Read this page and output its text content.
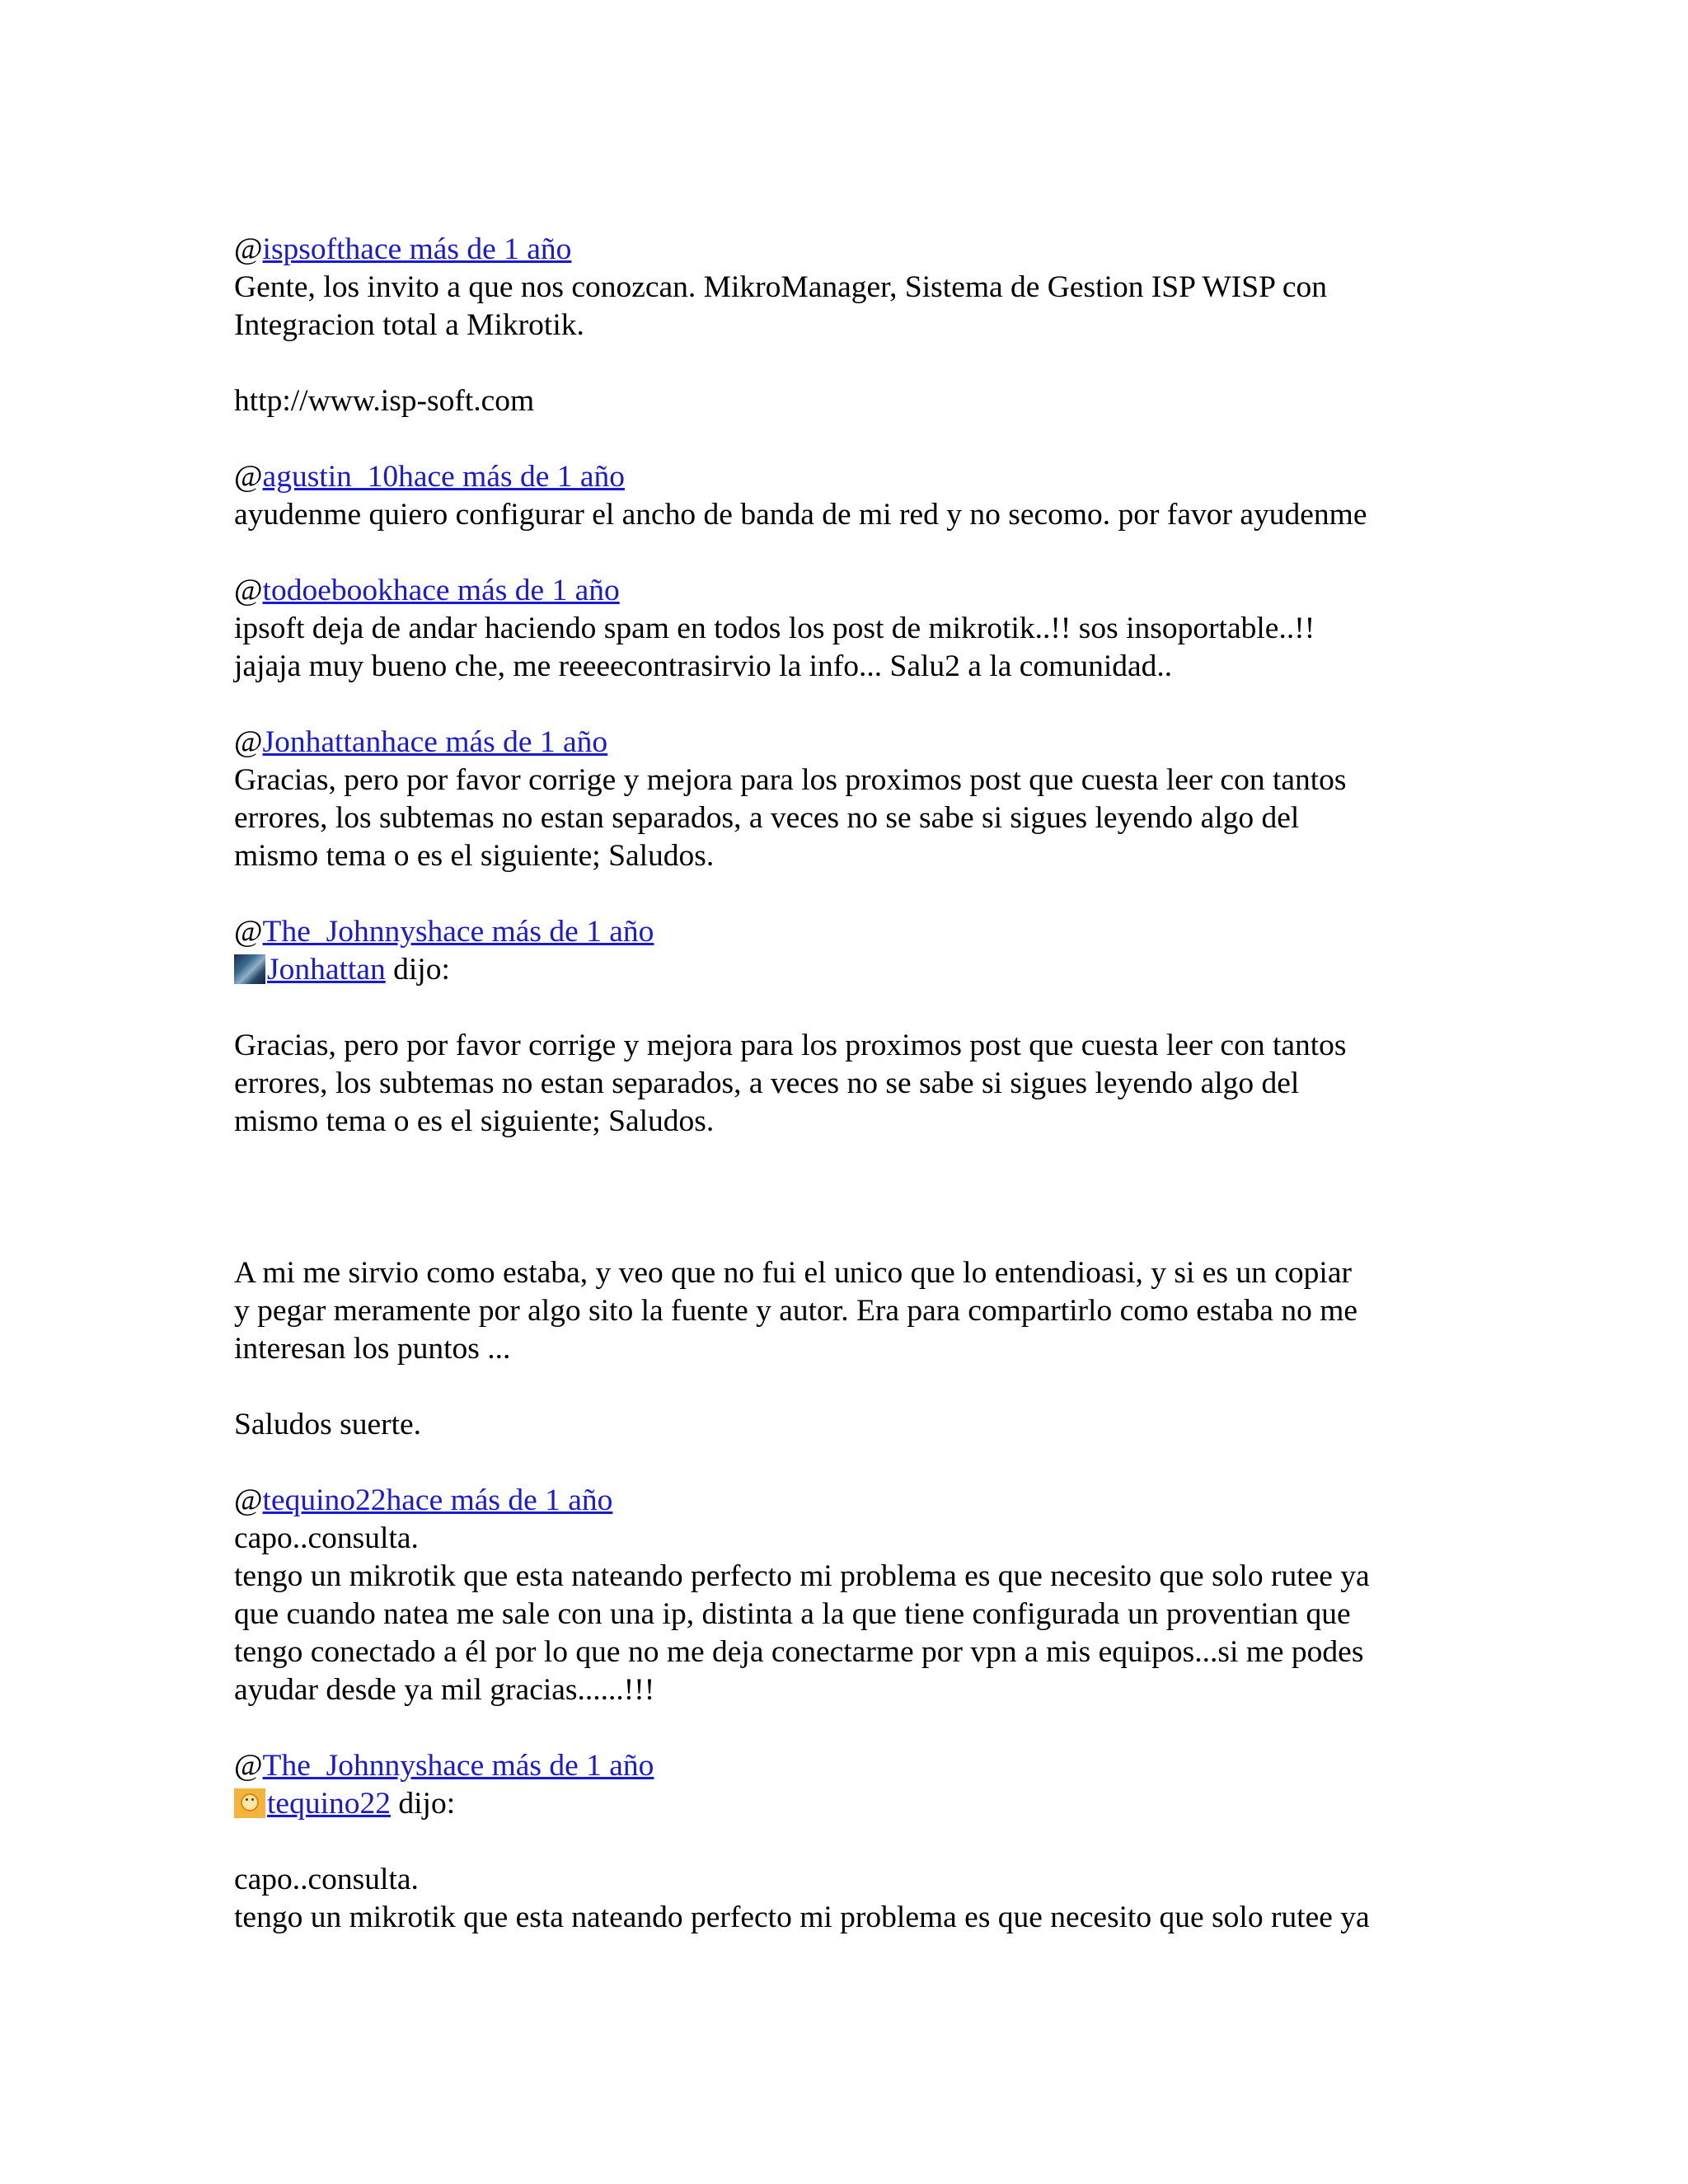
@ispsofthace más de 1 año
Gente, los invito a que nos conozcan. MikroManager, Sistema de Gestion ISP WISP con
Integracion total a Mikrotik.
http://www.isp-soft.com
@agustin_10hace más de 1 año
ayudenme quiero configurar el ancho de banda de mi red y no secomo. por favor ayudenme
@todoebookhace más de 1 año
ipsoft deja de andar haciendo spam en todos los post de mikrotik..!! sos insoportable..!!
jajaja muy bueno che, me reeeecontrasirvio la info... Salu2 a la comunidad..
@Jonhattanhace más de 1 año
Gracias, pero por favor corrige y mejora para los proximos post que cuesta leer con tantos
errores, los subtemas no estan separados, a veces no se sabe si sigues leyendo algo del
mismo tema o es el siguiente; Saludos.
@The_Johnnyshace más de 1 año
Jonhattan dijo:
Gracias, pero por favor corrige y mejora para los proximos post que cuesta leer con tantos
errores, los subtemas no estan separados, a veces no se sabe si sigues leyendo algo del
mismo tema o es el siguiente; Saludos.
A mi me sirvio como estaba, y veo que no fui el unico que lo entendioasi, y si es un copiar
y pegar meramente por algo sito la fuente y autor. Era para compartirlo como estaba no me
interesan los puntos ...
Saludos suerte.
@tequino22hace más de 1 año
capo..consulta.
tengo un mikrotik que esta nateando perfecto mi problema es que necesito que solo rutee ya
que cuando natea me sale con una ip, distinta a la que tiene configurada un proventian que
tengo conectado a él por lo que no me deja conectarme por vpn a mis equipos...si me podes
ayudar desde ya mil gracias......!!!
@The_Johnnyshace más de 1 año
tequino22 dijo:
capo..consulta.
tengo un mikrotik que esta nateando perfecto mi problema es que necesito que solo rutee ya
